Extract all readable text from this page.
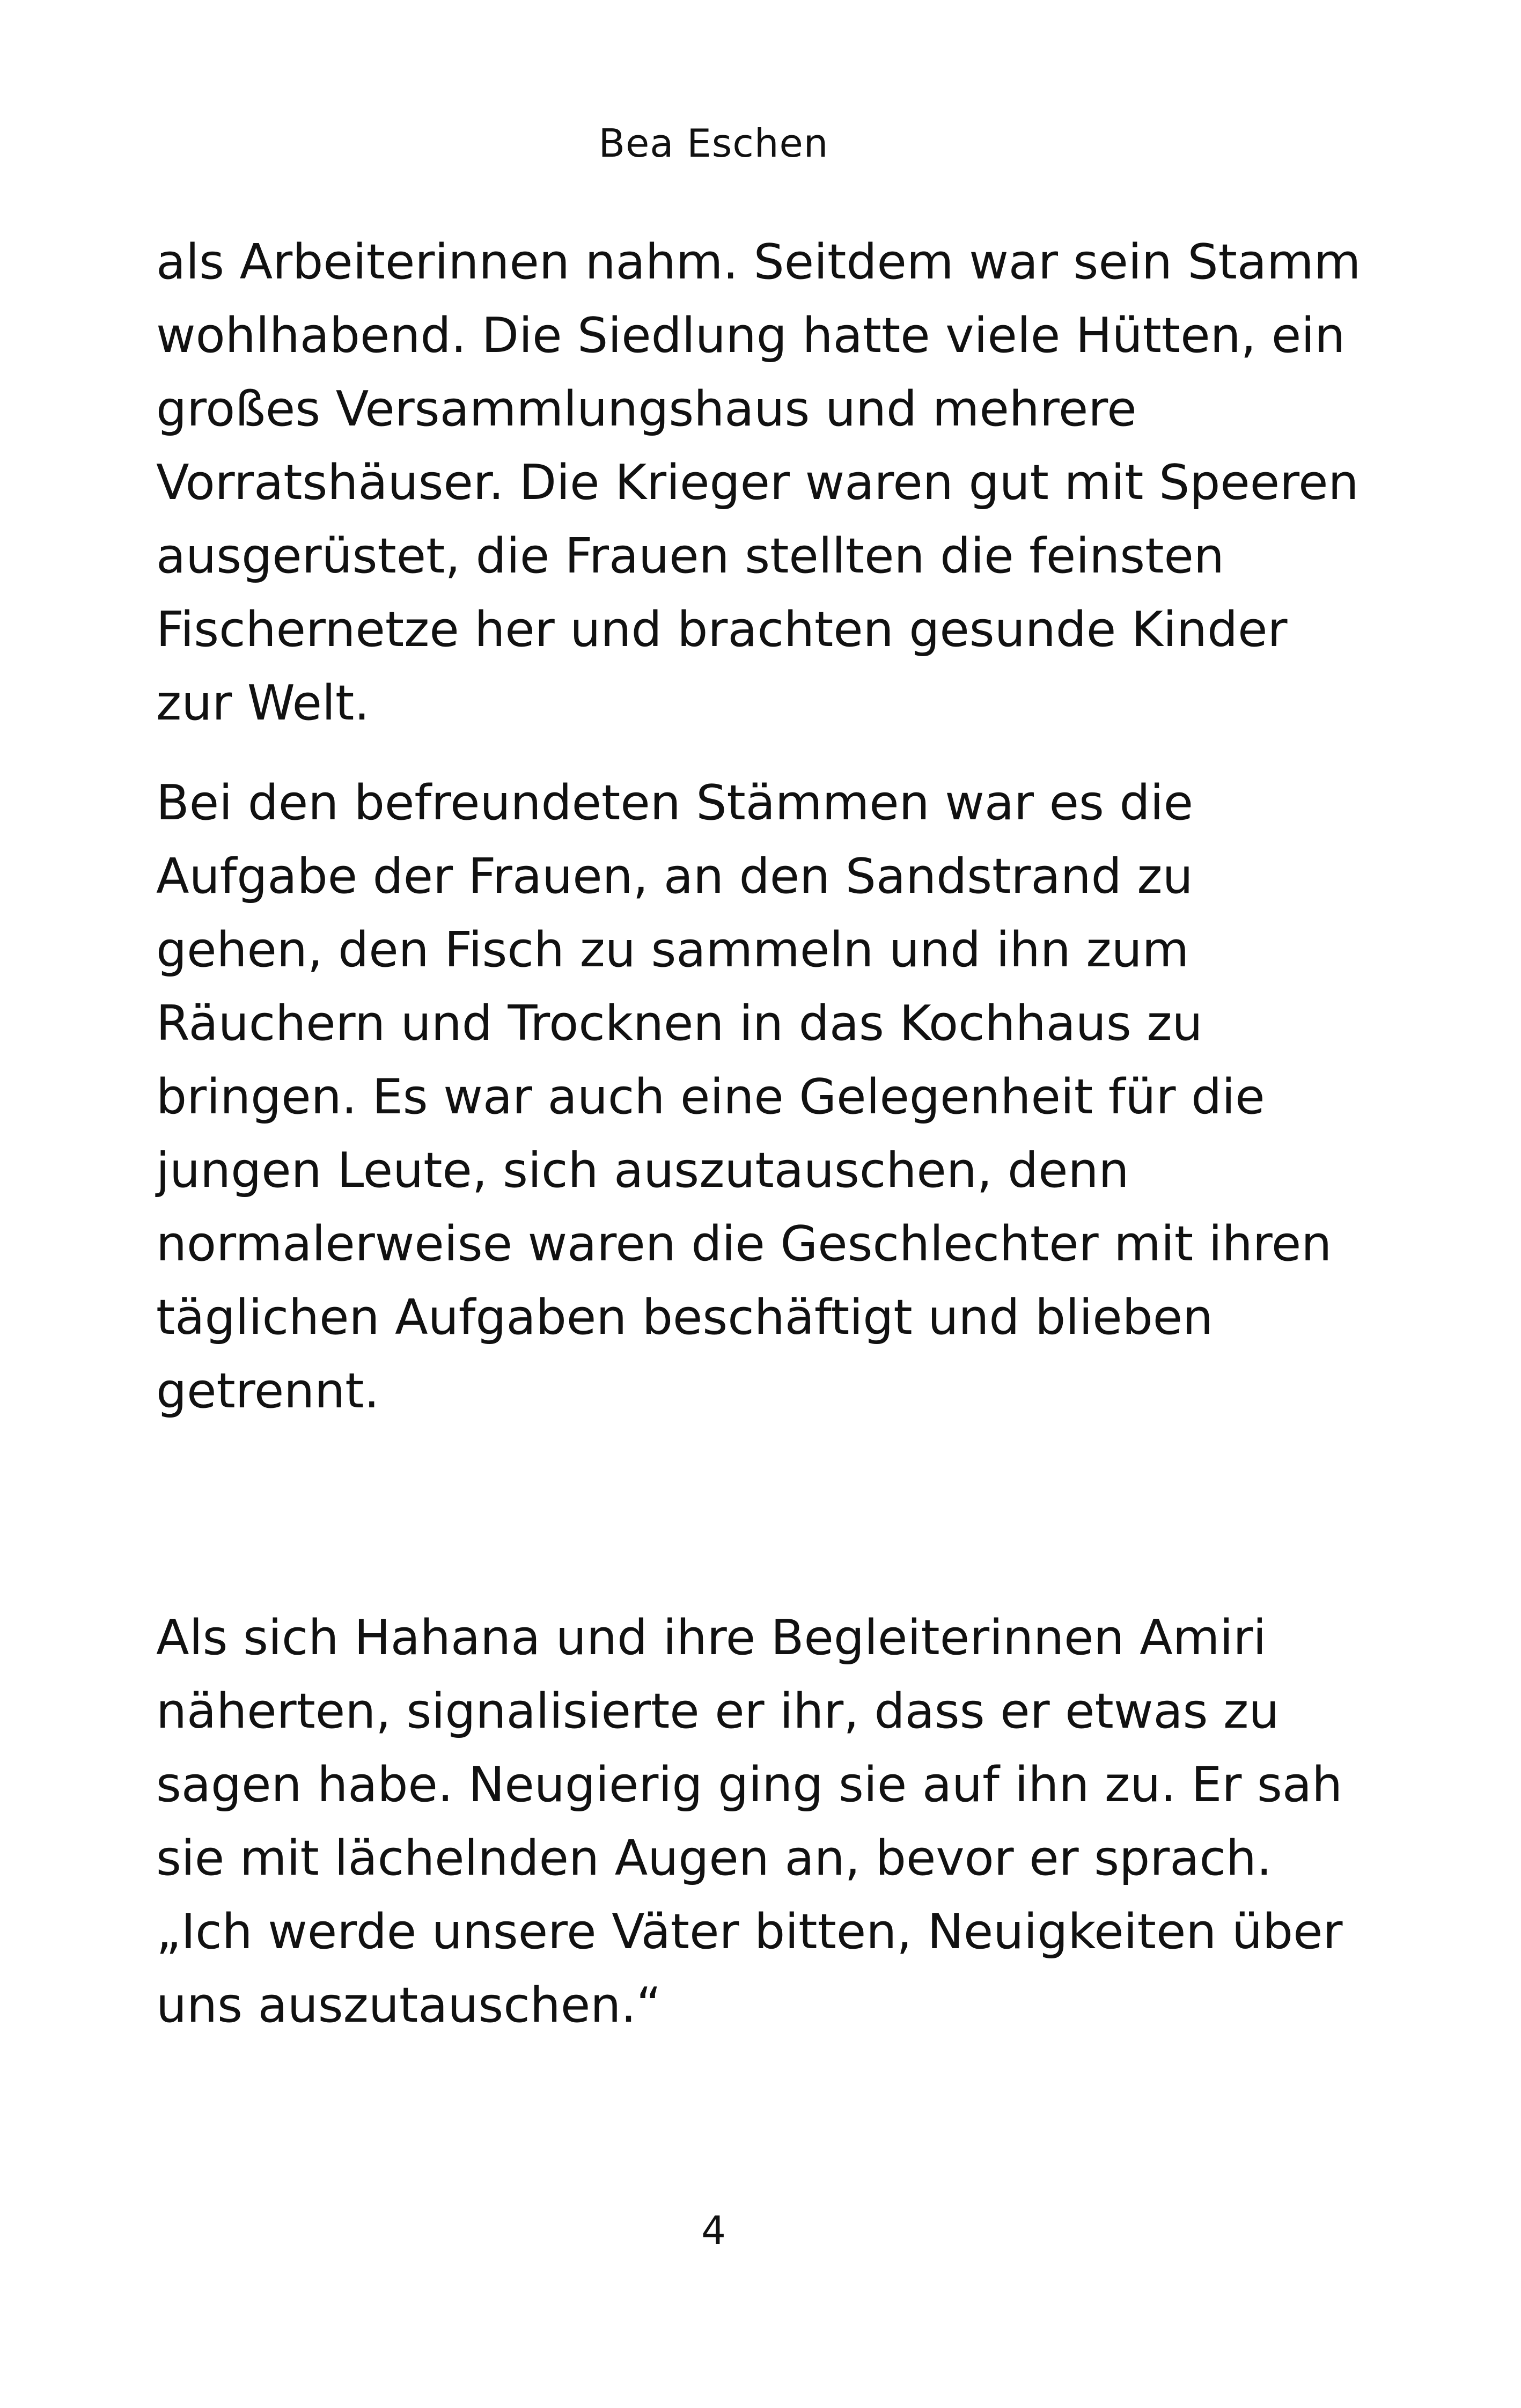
Bea Eschen

als Arbeiterinnen nahm. Seitdem war sein Stamm
wohlhabend. Die Siedlung hatte viele Hütten, ein
großes Versammlungshaus und mehrere
Vorratshäuser. Die Krieger waren gut mit Speeren
ausgerüstet, die Frauen stellten die feinsten
Fischernetze her und brachten gesunde Kinder
zur Welt.

Bei den befreundeten Stämmen war es die
Aufgabe der Frauen, an den Sandstrand zu
gehen, den Fisch zu sammeln und ihn zum
Räuchern und Trocknen in das Kochhaus zu
bringen. Es war auch eine Gelegenheit für die
jungen Leute, sich auszutauschen, denn
normalerweise waren die Geschlechter mit ihren
täglichen Aufgaben beschäftigt und blieben
getrennt.

Als sich Hahana und ihre Begleiterinnen Amiri
näherten, signalisierte er ihr, dass er etwas zu
sagen habe. Neugierig ging sie auf ihn zu. Er sah
sie mit lächelnden Augen an, bevor er sprach.
„Ich werde unsere Väter bitten, Neuigkeiten über
uns auszutauschen.“

4
